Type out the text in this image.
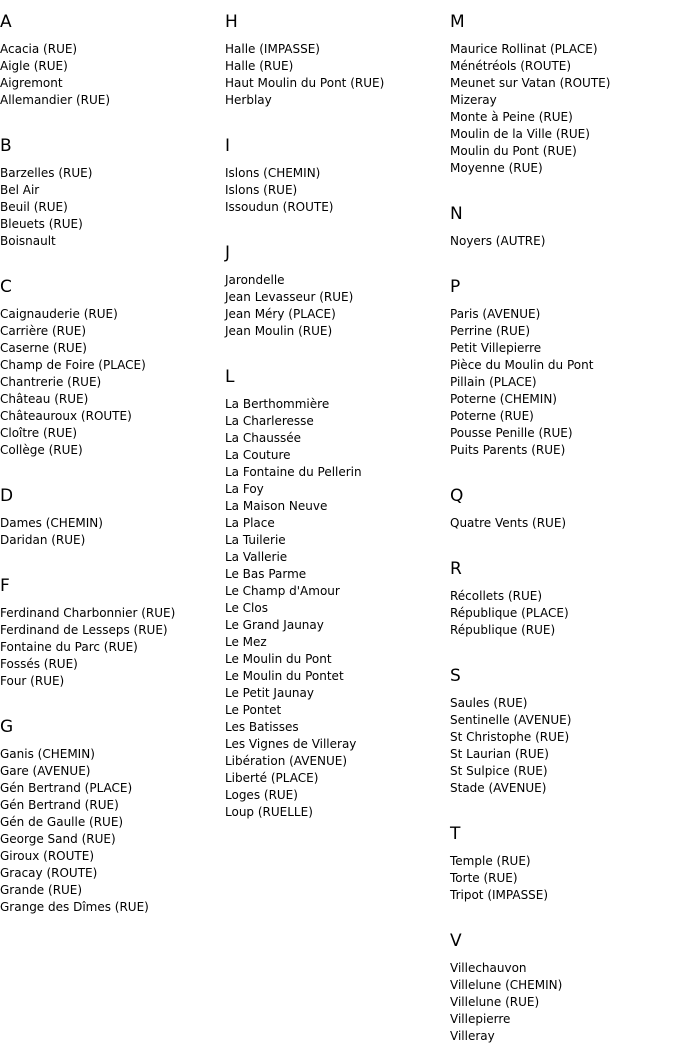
A
Acacia (RUE)
Aigle (RUE)
Aigremont
Allemandier (RUE)
B
Barzelles (RUE)
Bel Air
Beuil (RUE)
Bleuets (RUE)
Boisnault
C
Caignauderie (RUE)
Carrière (RUE)
Caserne (RUE)
Champ de Foire (PLACE)
Chantrerie (RUE)
Château (RUE)
Châteauroux (ROUTE)
Cloître (RUE)
Collège (RUE)
D
Dames (CHEMIN)
Daridan (RUE)
F
Ferdinand Charbonnier (RUE)
Ferdinand de Lesseps (RUE)
Fontaine du Parc (RUE)
Fossés (RUE)
Four (RUE)
G
Ganis (CHEMIN)
Gare (AVENUE)
Gén Bertrand (PLACE)
Gén Bertrand (RUE)
Gén de Gaulle (RUE)
George Sand (RUE)
Giroux (ROUTE)
Gracay (ROUTE)
Grande (RUE)
Grange des Dîmes (RUE)
H
Halle (IMPASSE)
Halle (RUE)
Haut Moulin du Pont (RUE)
Herblay
I
Islons (CHEMIN)
Islons (RUE)
Issoudun (ROUTE)
J
Jarondelle
Jean Levasseur (RUE)
Jean Méry (PLACE)
Jean Moulin (RUE)
L
La Berthommière
La Charleresse
La Chaussée
La Couture
La Fontaine du Pellerin
La Foy
La Maison Neuve
La Place
La Tuilerie
La Vallerie
Le Bas Parme
Le Champ d'Amour
Le Clos
Le Grand Jaunay
Le Mez
Le Moulin du Pont
Le Moulin du Pontet
Le Petit Jaunay
Le Pontet
Les Batisses
Les Vignes de Villeray
Libération (AVENUE)
Liberté (PLACE)
Loges (RUE)
Loup (RUELLE)
M
Maurice Rollinat (PLACE)
Ménétréols (ROUTE)
Meunet sur Vatan (ROUTE)
Mizeray
Monte à Peine (RUE)
Moulin de la Ville (RUE)
Moulin du Pont (RUE)
Moyenne (RUE)
N
Noyers (AUTRE)
P
Paris (AVENUE)
Perrine (RUE)
Petit Villepierre
Pièce du Moulin du Pont
Pillain (PLACE)
Poterne (CHEMIN)
Poterne (RUE)
Pousse Penille (RUE)
Puits Parents (RUE)
Q
Quatre Vents (RUE)
R
Récollets (RUE)
République (PLACE)
République (RUE)
S
Saules (RUE)
Sentinelle (AVENUE)
St Christophe (RUE)
St Laurian (RUE)
St Sulpice (RUE)
Stade (AVENUE)
T
Temple (RUE)
Torte (RUE)
Tripot (IMPASSE)
V
Villechauvon
Villelune (CHEMIN)
Villelune (RUE)
Villepierre
Villeray
